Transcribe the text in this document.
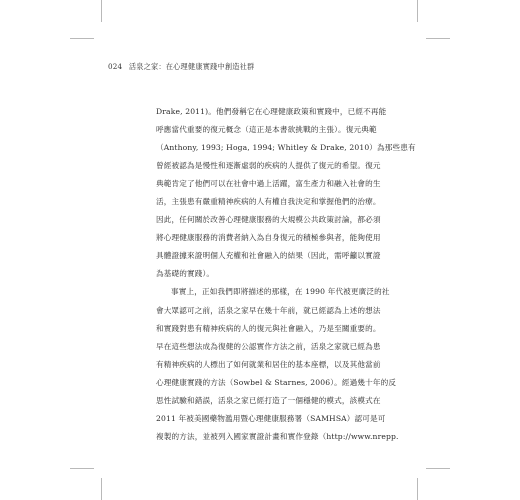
024 活泉之家：在心理健康實踐中創造社群
Drake, 2011)。他們發稱它在心理健康政策和實踐中，已經不再能
呼應當代重要的復元概念（這正是本書欲挑戰的主張）。復元典範
（Anthony, 1993; Hoga, 1994; Whitley & Drake, 2010）為那些患有
曾經被認為是慢性和逐漸虛弱的疾病的人提供了復元的希望。復元
典範肯定了他們可以在社會中過上活躍，富生產力和融入社會的生
活，主張患有嚴重精神疾病的人有權自我決定和掌握他們的治療。
因此，任何關於改善心理健康服務的大規模公共政策討論，都必須
將心理健康服務的消費者納入為自身復元的積極參與者，能夠使用
具體證據來證明個人充權和社會融入的結果（因此，需呼籲以實證
為基礎的實踐）。
事實上，正如我們即將描述的那樣，在 1990 年代被更廣泛的社
會大眾認可之前，活泉之家早在幾十年前，就已經認為上述的想法
和實踐對患有精神疾病的人的復元與社會融入，乃是至關重要的。
早在這些想法成為復健的公認實作方法之前，活泉之家就已經為患
有精神疾病的人標出了如何就業和居住的基本座標，以及其他當前
心理健康實踐的方法（Sowbel & Starnes, 2006）。經過幾十年的反
思性試驗和錯誤，活泉之家已經打造了一個穩健的模式，該模式在
2011 年被美國藥物濫用暨心理健康服務署（SAMHSA）認可是可
複製的方法，並被列入國家實證計畫和實作登錄（http://www.nrepp.
